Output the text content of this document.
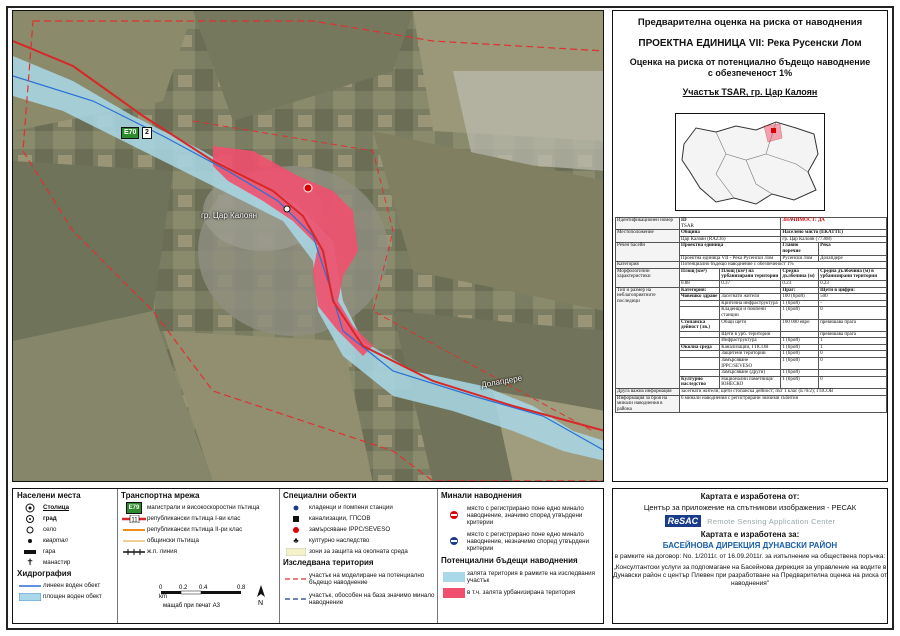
Е70	2
гр. Цар Калоян
Долапдере
Предварителна оценка на риска от наводнения
ПРОЕКТНА ЕДИНИЦА VII: Река Русенски Лом
Оценка на риска от потенциално бъдещо наводнение
с обезпеченост 1%
Участък TSAR, гр. Цар Калоян
Идентификационен номер	ID
TSAR		ЗНАЧИМОСТ: ДА	
Местоположение	Община		Населено място (ЕКАТТЕ)	
	Цар Калоян (RAZ36)		гр. Цар Калоян (77308)	
Речен басейн	Проектна единица		Главно поречие	Река
	Проектна единица VII - Река Русенски Лом		Русенски Лом	Долапдере
Категория	Потенциално бъдещо наводнение с обезпеченост 1%			
Морфологични характеристики	Площ (км²)	Площ (км²) на урбанизирани територии	Средна дълбочина (м)	Средна дълбочина (м) в урбанизирани територии
	0.88	0.37	0.23	0.23
Тип и размер на неблагоприятните последици	Категория:		Праг:	Щети в цифри:
	Човешко здраве	Засегнати жители	100 (брой)	500
		Критична инфраструктура	1 (брой)	-
		Кладенци и помпени станции	1 (брой)	0
	Стопанска дейност (лв.)	Общи щети	100 000 евро	превишава прага
		Щети в урб. територии		превишава прага
		Инфраструктура	1 (брой)	1
	Околна среда	Канализации, ГПСОВ	1 (брой)	1
		Защитени територии	1 (брой)	0
		Замърсяване IPPC/SEVESO	1 (брой)	0
		Замърсяване (други)	1 (брой)	
	Културно наследство	Национални паметници/ЮНЕСКО	1 (брой)	0
Друга важна информация	засегнати жители; щети стопанска дейност; път 1 клас (Е70/2); ГПСОВ			
Информация за броя на минали наводнения в района	6 минали наводнения с регистрирани значими събития			
Населени места
Столица
град
село
квартал
гара
✝	манастир
Хидрография
линеен воден обект
площен воден обект
Транспортна мрежа
Е79	магистрали и високоскоростни пътища
11 републикански пътища I-ви клас
републикански пътища II-ри клас
общински пътища
ж.п. линия
0	0.2 0.4	0.8
km
мащаб при печат А3	N
Специални обекти
кладенци и помпени станции
канализации, ГПСОВ
замърсяване IPPC/SEVESO
♣	културно наследство
зони за защита на околната среда
Изследвана територия
участък на моделиране на потенциално бъдещо наводнение
участък, обособен на база значимо минало наводнение
Минали наводнения
място с регистрирано поне едно минало наводнение, значимо според утвърдени критерии
място с регистрирано поне едно минало наводнение, незначимо според утвърдени критерии
Потенциални бъдещи наводнения
залята територия в рамките на изследвания участък
в т.ч. залята урбанизирана територия
Картата е изработена от:
Център за приложение на спътникови изображения - РЕСАК
ReSAC	Remote Sensing Application Center
Картата е изработена за:
БАСЕЙНОВА ДИРЕКЦИЯ ДУНАВСКИ РАЙОН
в рамките на договор: No. 1/2011г. от 16.09.2011г. за изпълнение на обществена поръчка:
„Консултантски услуги за подпомагане на Басейнова дирекция за управление на водите в Дунавски район с център Плевен при разработване на Предварителна оценка на риска от наводнения"
